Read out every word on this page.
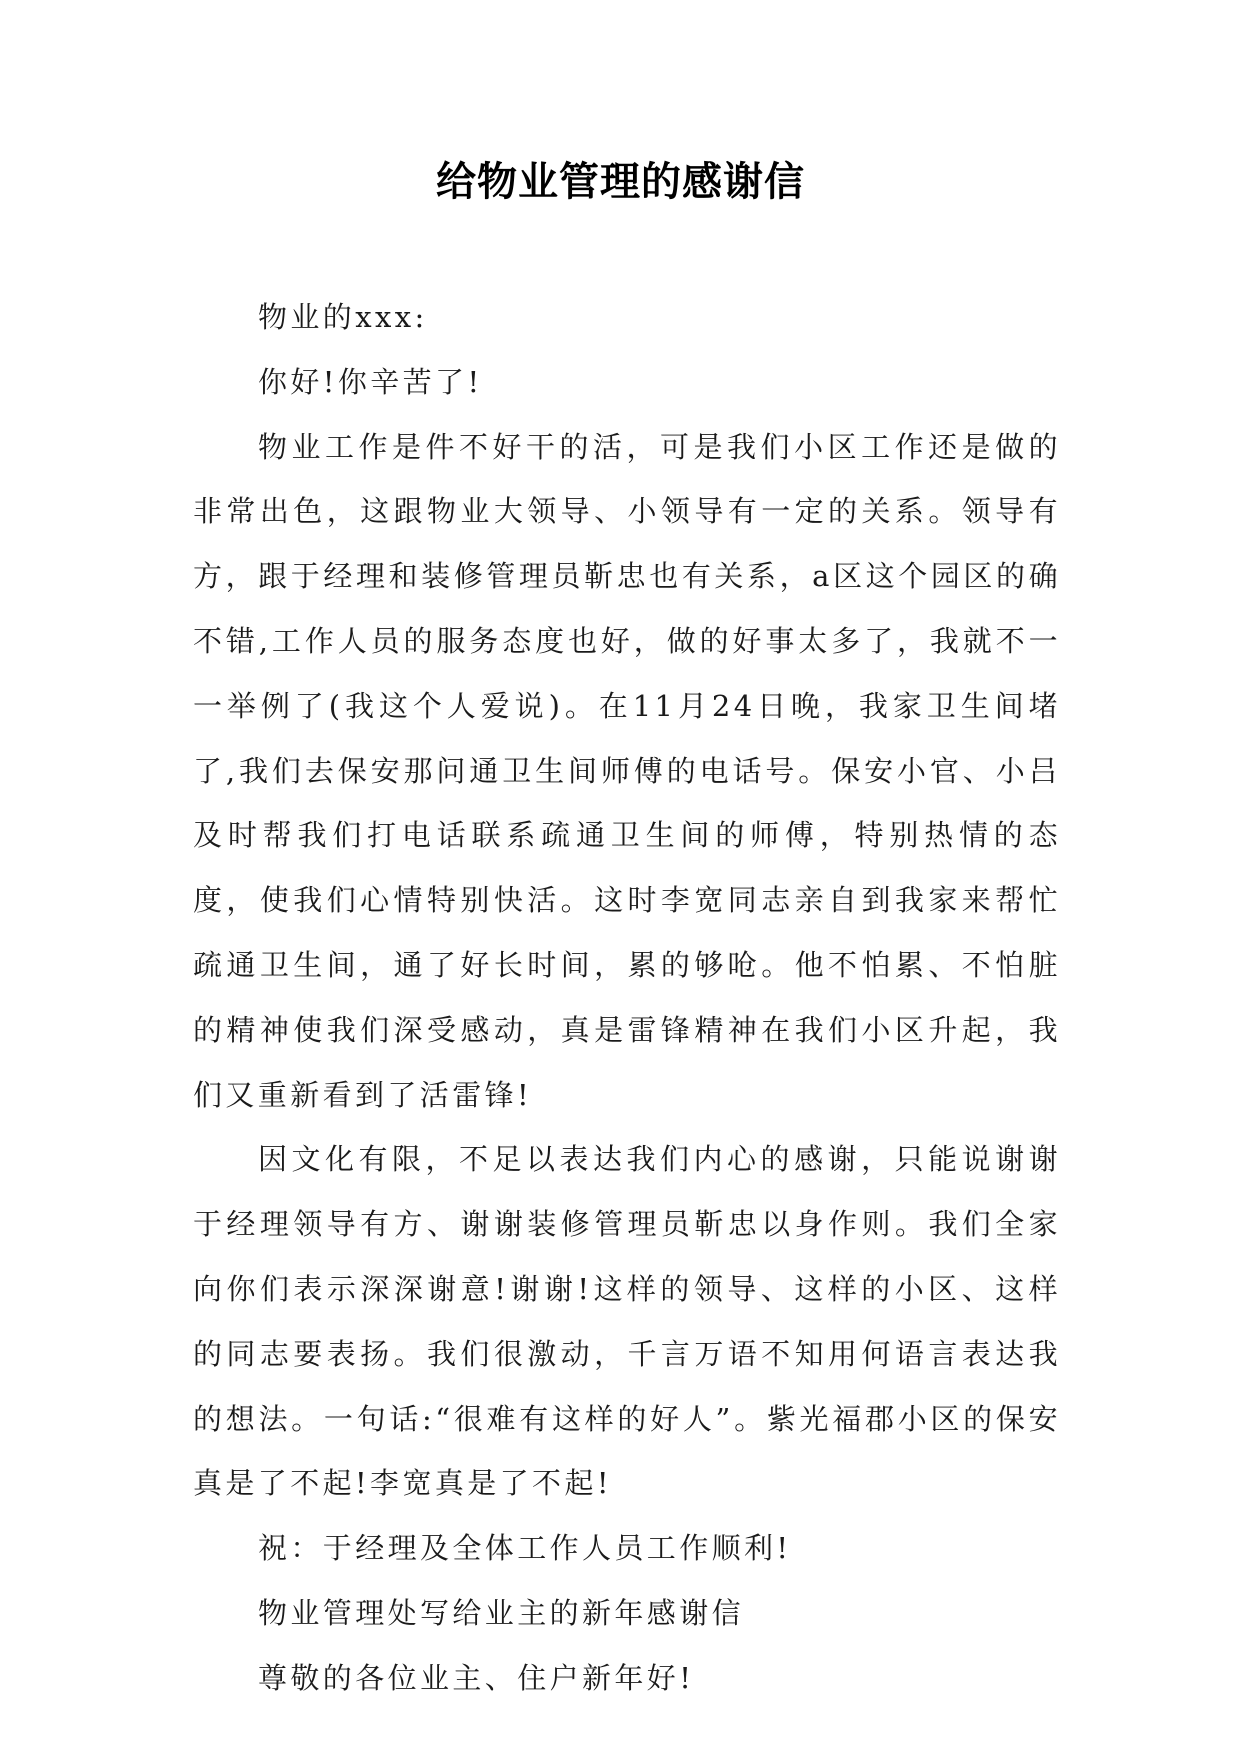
给物业管理的感谢信

物业的xxx:

你好!你辛苦了!

物业工作是件不好干的活，可是我们小区工作还是做的非常出色，这跟物业大领导、小领导有一定的关系。领导有方，跟于经理和装修管理员靳忠也有关系，a区这个园区的确不错,工作人员的服务态度也好，做的好事太多了，我就不一一举例了(我这个人爱说)。在11月24日晚，我家卫生间堵了,我们去保安那问通卫生间师傅的电话号。保安小官、小吕及时帮我们打电话联系疏通卫生间的师傅，特别热情的态度，使我们心情特别快活。这时李宽同志亲自到我家来帮忙疏通卫生间，通了好长时间，累的够呛。他不怕累、不怕脏的精神使我们深受感动，真是雷锋精神在我们小区升起，我们又重新看到了活雷锋!

因文化有限，不足以表达我们内心的感谢，只能说谢谢于经理领导有方、谢谢装修管理员靳忠以身作则。我们全家向你们表示深深谢意!谢谢!这样的领导、这样的小区、这样的同志要表扬。我们很激动，千言万语不知用何语言表达我的想法。一句话:“很难有这样的好人”。紫光福郡小区的保安真是了不起!李宽真是了不起!

祝：于经理及全体工作人员工作顺利!

物业管理处写给业主的新年感谢信

尊敬的各位业主、住户新年好!
